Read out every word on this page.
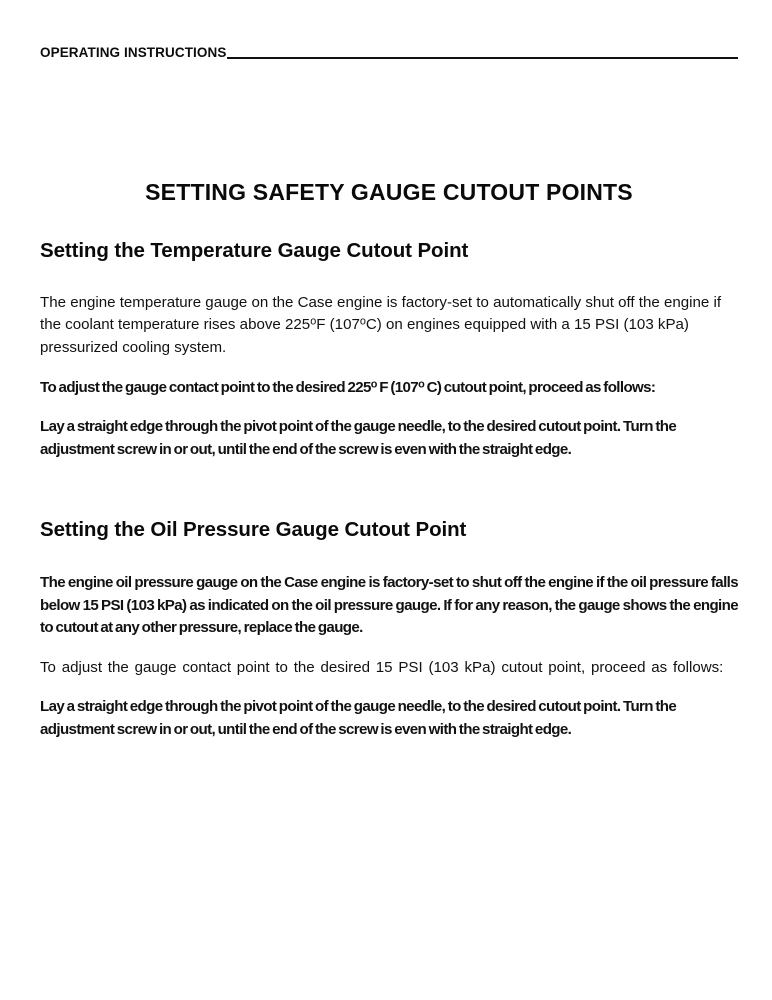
OPERATING INSTRUCTIONS
SETTING SAFETY GAUGE CUTOUT POINTS
Setting the Temperature Gauge Cutout Point

The engine temperature gauge on the Case engine is factory-set to automatically shut off the engine if the coolant temperature rises above 225$^o$F (107$^o$C) on engines equipped with a 15 PSI (103 kPa) pressurized cooling system.

To adjust the gauge contact point to the desired 225$^o$ F (107$^o$ C) cutout point, proceed as follows:

Lay a straight edge through the pivot point of the gauge needle, to the desired cutout point. Turn the adjustment screw in or out, until the end of the screw is even with the straight edge.

Setting the Oil Pressure Gauge Cutout Point

The engine oil pressure gauge on the Case engine is factory-set to shut off the engine if the oil pressure falls below 15 PSI (103 kPa) as indicated on the oil pressure gauge. If for any reason, the gauge shows the engine to cutout at any other pressure, replace the gauge.

To adjust the gauge contact point to the desired 15 PSI (103 kPa) cutout point, proceed as follows:

Lay a straight edge through the pivot point of the gauge needle, to the desired cutout point. Turn the adjustment screw in or out, until the end of the screw is even with the straight edge.
